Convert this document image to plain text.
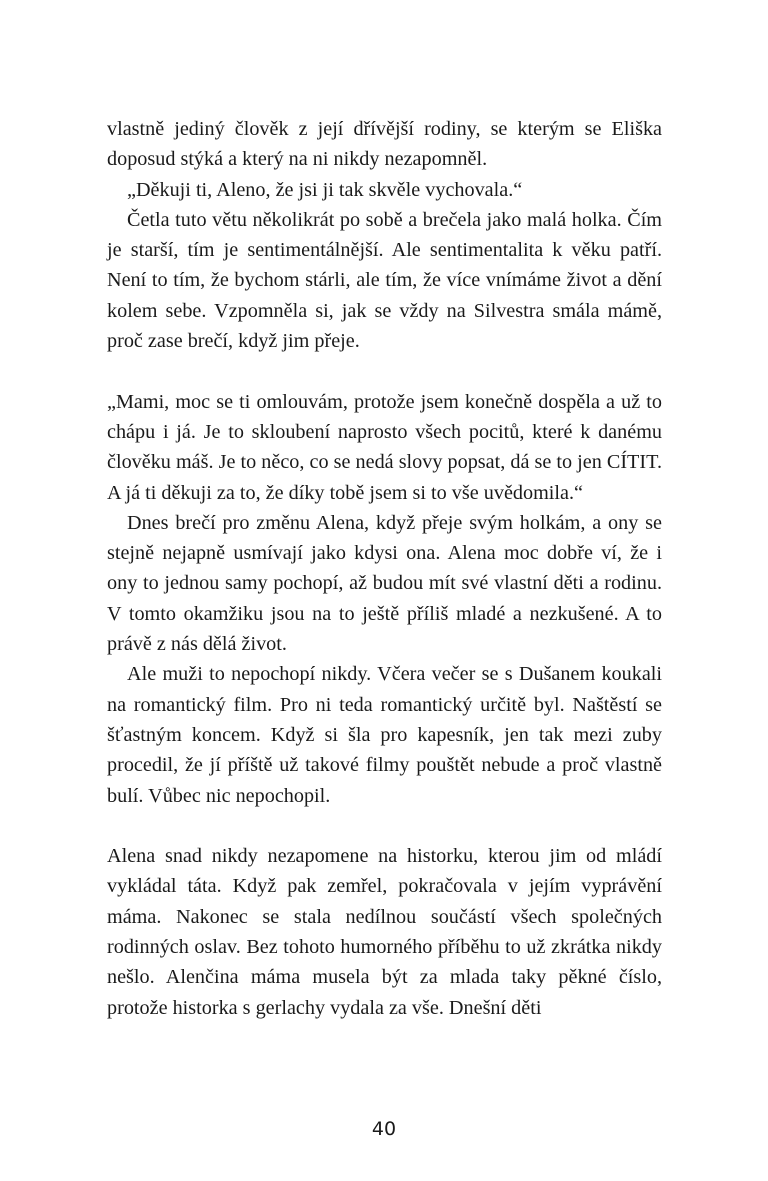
vlastně jediný člověk z její dřívější rodiny, se kterým se Eliška doposud stýká a který na ni nikdy nezapomněl.

„Děkuji ti, Aleno, že jsi ji tak skvěle vychovala.“

Četla tuto větu několikrát po sobě a brečela jako malá holka. Čím je starší, tím je sentimentálnější. Ale sentimentalita k věku patří. Není to tím, že bychom stárli, ale tím, že více vnímáme život a dění kolem sebe. Vzpomněla si, jak se vždy na Silvestra smála mámě, proč zase brečí, když jim přeje.

„Mami, moc se ti omlouvám, protože jsem konečně dospěla a už to chápu i já. Je to skloubení naprosto všech pocitů, které k danému člověku máš. Je to něco, co se nedá slovy popsat, dá se to jen CÍTIT. A já ti děkuji za to, že díky tobě jsem si to vše uvědomila.“

Dnes brečí pro změnu Alena, když přeje svým holkám, a ony se stejně nejapně usmívají jako kdysi ona. Alena moc dobře ví, že i ony to jednou samy pochopí, až budou mít své vlastní děti a rodinu. V tomto okamžiku jsou na to ještě příliš mladé a nezkušené. A to právě z nás dělá život.

Ale muži to nepochopí nikdy. Včera večer se s Dušanem koukali na romantický film. Pro ni teda romantický určitě byl. Naštěstí se šťastným koncem. Když si šla pro kapesník, jen tak mezi zuby procedil, že jí příště už takové filmy pouštět nebude a proč vlastně bulí. Vůbec nic nepochopil.

Alena snad nikdy nezapomene na historku, kterou jim od mládí vykládal táta. Když pak zemřel, pokračovala v jejím vyprávění máma. Nakonec se stala nedílnou součástí všech společných rodinných oslav. Bez tohoto humorného příběhu to už zkrátka nikdy nešlo. Alenčina máma musela být za mlada taky pěkné číslo, protože historka s gerlachy vydala za vše. Dnešní děti

40
